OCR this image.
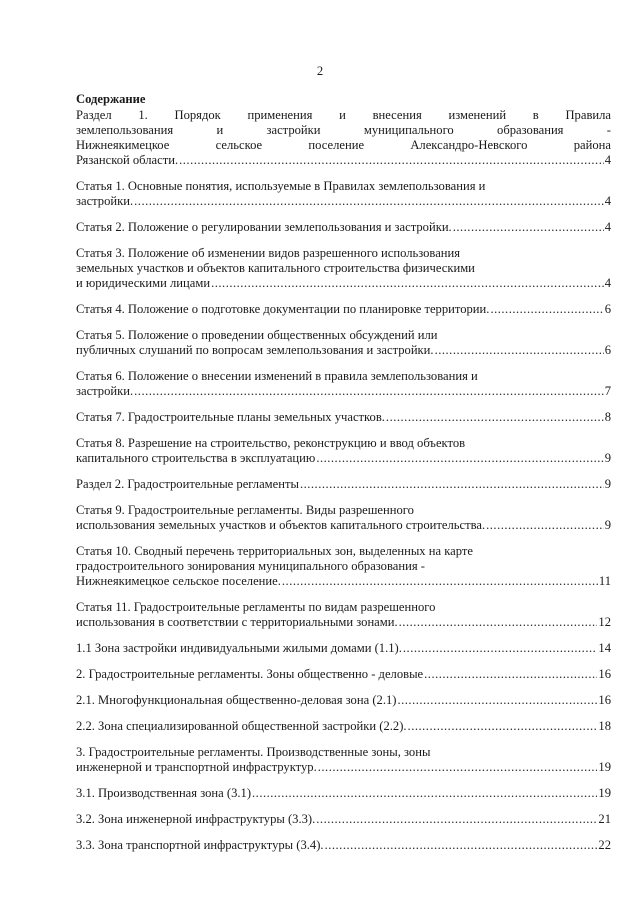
2
Содержание
Раздел 1. Порядок применения и внесения изменений в Правила
землепользования и застройки муниципального образования -
Нижнеякимецкое сельское поселение Александро-Невского района
Рязанской области. .....	4
Статья 1. Основные понятия, используемые в Правилах землепользования и
застройки. .....	4
Статья 2. Положение о регулировании землепользования и застройки. .....	4
Статья 3. Положение об изменении видов разрешенного использования
земельных участков и объектов капитального строительства физическими
и юридическими лицами .....	4
Статья 4. Положение о подготовке документации по планировке территории. .....	6
Статья 5. Положение о проведении общественных обсуждений или
публичных слушаний по вопросам землепользования и застройки. .....	6
Статья 6. Положение о внесении изменений в правила землепользования и
застройки. .....	7
Статья 7. Градостроительные планы земельных участков. .....	8
Статья 8. Разрешение на строительство, реконструкцию и ввод объектов
капитального строительства в эксплуатацию .....	9
Раздел 2. Градостроительные регламенты .....	9
Статья 9. Градостроительные регламенты. Виды разрешенного
использования земельных участков и объектов капитального строительства. .....	9
Статья 10. Сводный перечень территориальных зон, выделенных на карте
градостроительного зонирования муниципального образования -
Нижнеякимецкое сельское поселение. .....	11
Статья 11. Градостроительные регламенты по видам разрешенного
использования в соответствии с территориальными зонами. .....	12
1.1 Зона застройки индивидуальными жилыми домами (1.1). .....	14
2. Градостроительные регламенты. Зоны общественно - деловые .....	16
2.1. Многофункциональная общественно-деловая зона (2.1) .....	16
2.2. Зона специализированной общественной застройки (2.2). .....	18
3. Градостроительные регламенты. Производственные зоны, зоны
инженерной и транспортной инфраструктур. .....	19
3.1. Производственная зона (3.1) .....	19
3.2. Зона инженерной инфраструктуры (3.3). .....	21
3.3. Зона транспортной инфраструктуры (3.4). .....	22
